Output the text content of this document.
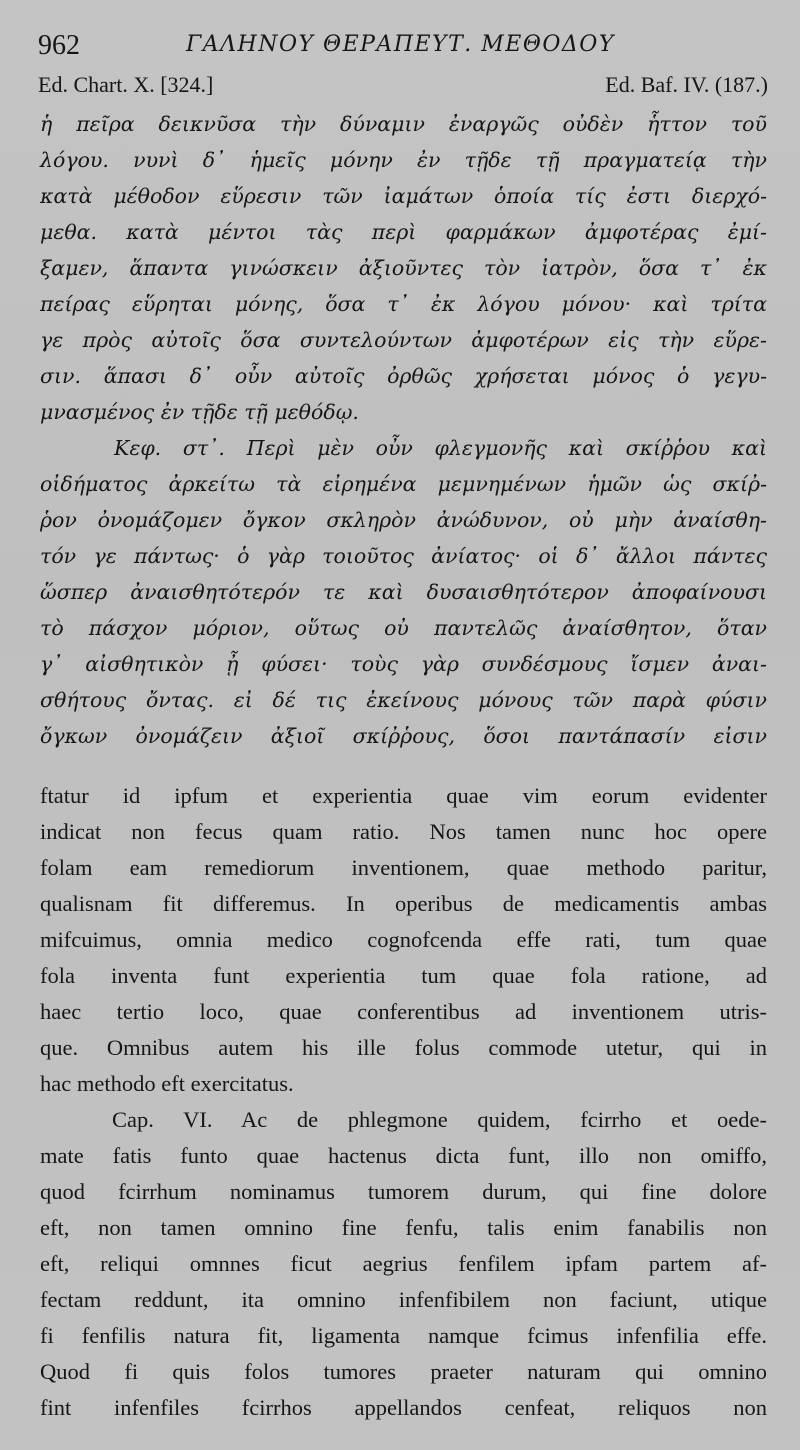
962	ΓΑΛΗΝΟΥ ΘΕΡΑΠΕΥΤ. ΜΕΘΟΔΟΥ
Ed. Chart. X. [324.]	Ed. Baf. IV. (187.)
ἡ πεῖρα δεικνῦσα τὴν δύναμιν ἐναργῶς οὐδὲν ἧττον τοῦ
λόγου. νυνὶ δ᾽ ἡμεῖς μόνην ἐν τῇδε τῇ πραγματείᾳ τὴν
κατὰ μέθοδον εὕρεσιν τῶν ἰαμάτων ὁποία τίς ἐστι διερχό-
μεθα. κατὰ μέντοι τὰς περὶ φαρμάκων ἀμφοτέρας ἐμί-
ξαμεν, ἅπαντα γινώσκειν ἀξιοῦντες τὸν ἰατρὸν, ὅσα τ᾽ ἐκ
πείρας εὕρηται μόνης, ὅσα τ᾽ ἐκ λόγου μόνου· καὶ τρίτα
γε πρὸς αὐτοῖς ὅσα συντελούντων ἀμφοτέρων εἰς τὴν εὕρε-
σιν. ἅπασι δ᾽ οὖν αὐτοῖς ὀρθῶς χρήσεται μόνος ὁ γεγυ-
μνασμένος ἐν τῇδε τῇ μεθόδῳ.
Κεφ. στ᾽. Περὶ μὲν οὖν φλεγμονῆς καὶ σκίῤῥου καὶ
οἰδήματος ἀρκείτω τὰ εἰρημένα μεμνημένων ἡμῶν ὡς σκίῤ-
ῥον ὀνομάζομεν ὄγκον σκληρὸν ἀνώδυνον, οὐ μὴν ἀναίσθη-
τόν γε πάντως· ὁ γὰρ τοιοῦτος ἀνίατος· οἱ δ᾽ ἄλλοι πάντες
ὥσπερ ἀναισθητότερόν τε καὶ δυσαισθητότερον ἀποφαίνουσι
τὸ πάσχον μόριον, οὕτως οὐ παντελῶς ἀναίσθητον, ὅταν
γ᾽ αἰσθητικὸν ᾖ φύσει· τοὺς γὰρ συνδέσμους ἴσμεν ἀναι-
σθήτους ὄντας. εἰ δέ τις ἐκείνους μόνους τῶν παρὰ φύσιν
ὄγκων ὀνομάζειν ἀξιοῖ σκίῤῥους, ὅσοι παντάπασίν εἰσιν
ftatur id ipfum et experientia quae vim eorum evidenter
indicat non fecus quam ratio. Nos tamen nunc hoc opere
folam eam remediorum inventionem, quae methodo paritur,
qualisnam fit differemus. In operibus de medicamentis ambas
mifcuimus, omnia medico cognofcenda effe rati, tum quae
fola inventa funt experientia tum quae fola ratione, ad
haec tertio loco, quae conferentibus ad inventionem utris-
que. Omnibus autem his ille folus commode utetur, qui in
hac methodo eft exercitatus.
Cap. VI. Ac de phlegmone quidem, fcirrho et oede-
mate fatis funto quae hactenus dicta funt, illo non omiffo,
quod fcirrhum nominamus tumorem durum, qui fine dolore
eft, non tamen omnino fine fenfu, talis enim fanabilis non
eft, reliqui omnnes ficut aegrius fenfilem ipfam partem af-
fectam reddunt, ita omnino infenfibilem non faciunt, utique
fi fenfilis natura fit, ligamenta namque fcimus infenfilia effe.
Quod fi quis folos tumores praeter naturam qui omnino
fint infenfiles fcirrhos appellandos cenfeat, reliquos non
